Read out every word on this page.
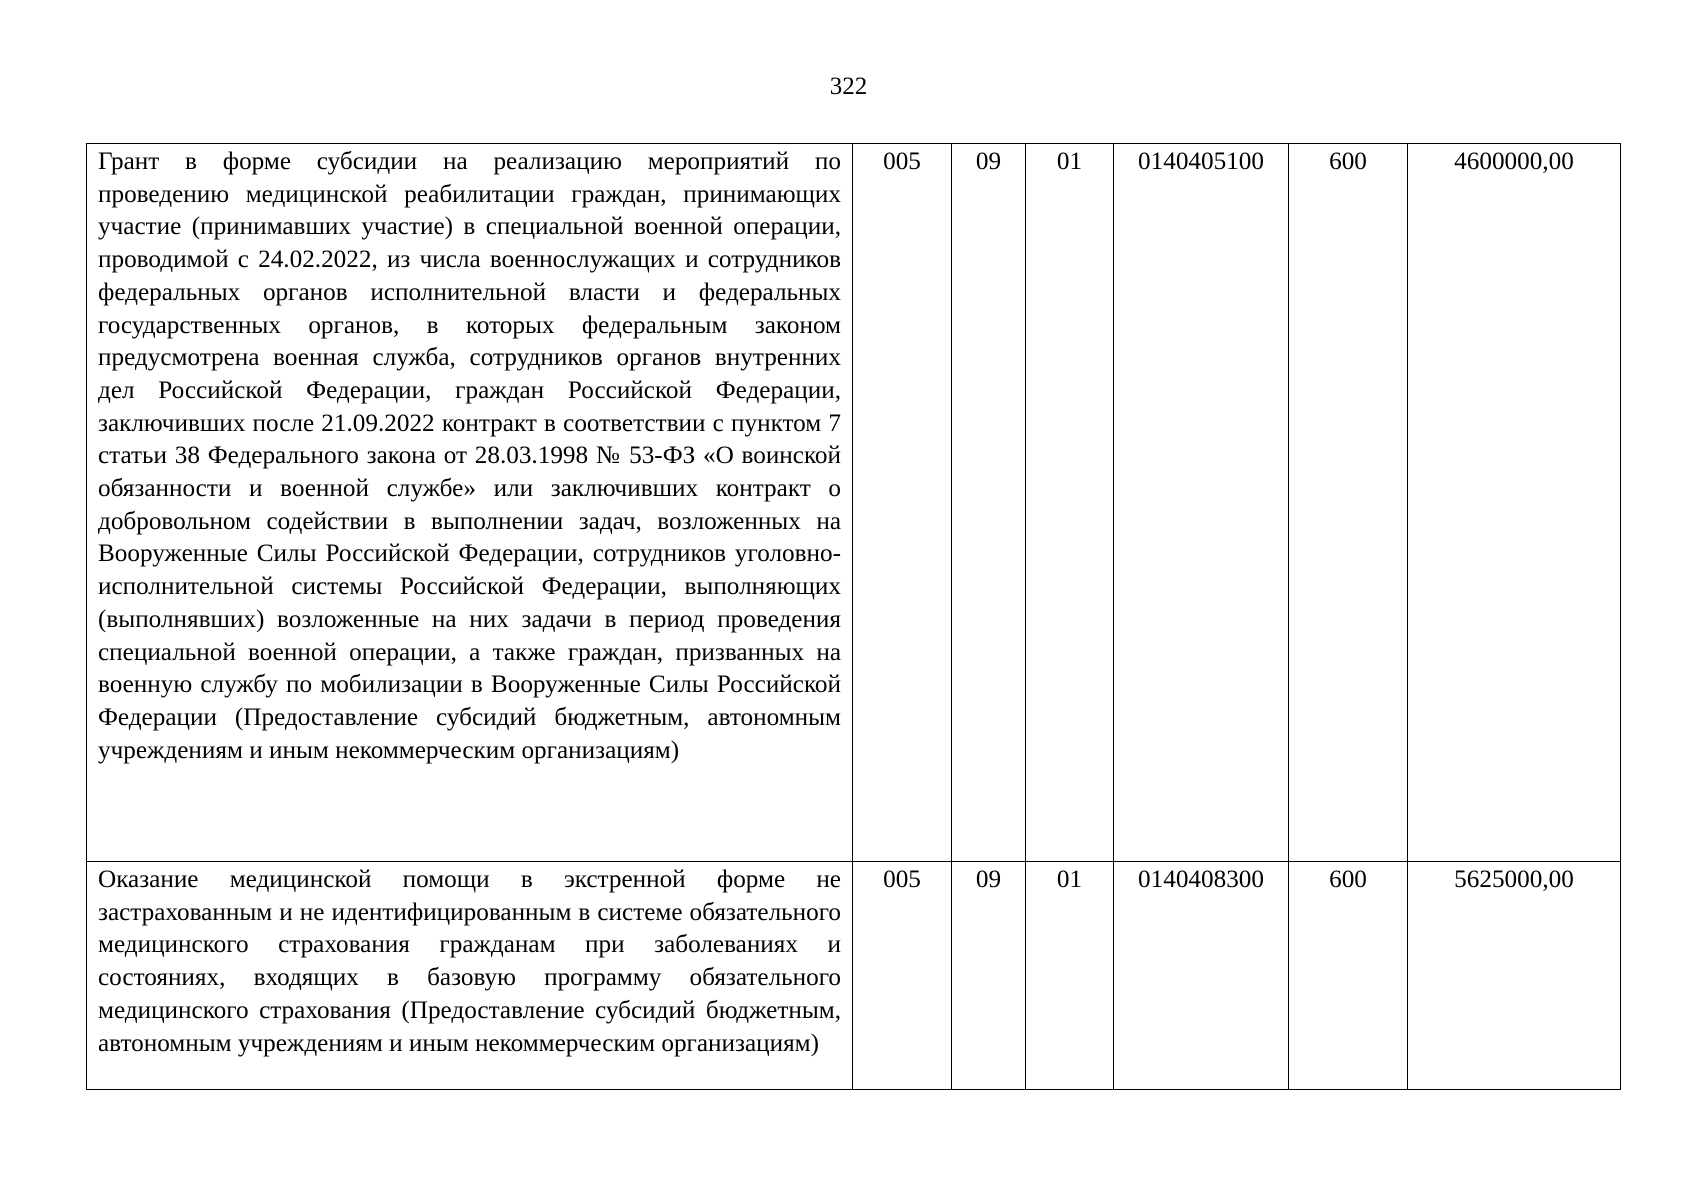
322
Грант в форме субсидии на реализацию мероприятий по проведению медицинской реабилитации граждан, принимающих участие (принимавших участие) в специальной военной операции, проводимой с 24.02.2022, из числа военнослужащих и сотрудников федеральных органов исполнительной власти и федеральных государственных органов, в которых федеральным законом предусмотрена военная служба, сотрудников органов внутренних дел Российской Федерации, граждан Российской Федерации, заключивших после 21.09.2022 контракт в соответствии с пунктом 7 статьи 38 Федерального закона от 28.03.1998 № 53-ФЗ «О воинской обязанности и военной службе» или заключивших контракт о добровольном содействии в выполнении задач, возложенных на Вооруженные Силы Российской Федерации, сотрудников уголовно-исполнительной системы Российской Федерации, выполняющих (выполнявших) возложенные на них задачи в период проведения специальной военной операции, а также граждан, призванных на военную службу по мобилизации в Вооруженные Силы Российской Федерации (Предоставление субсидий бюджетным, автономным учреждениям и иным некоммерческим организациям)	005	09	01	0140405100	600	4600000,00
Оказание медицинской помощи в экстренной форме не застрахованным и не идентифицированным в системе обязательного медицинского страхования гражданам при заболеваниях и состояниях, входящих в базовую программу обязательного медицинского страхования (Предоставление субсидий бюджетным, автономным учреждениям и иным некоммерческим организациям)	005	09	01	0140408300	600	5625000,00
